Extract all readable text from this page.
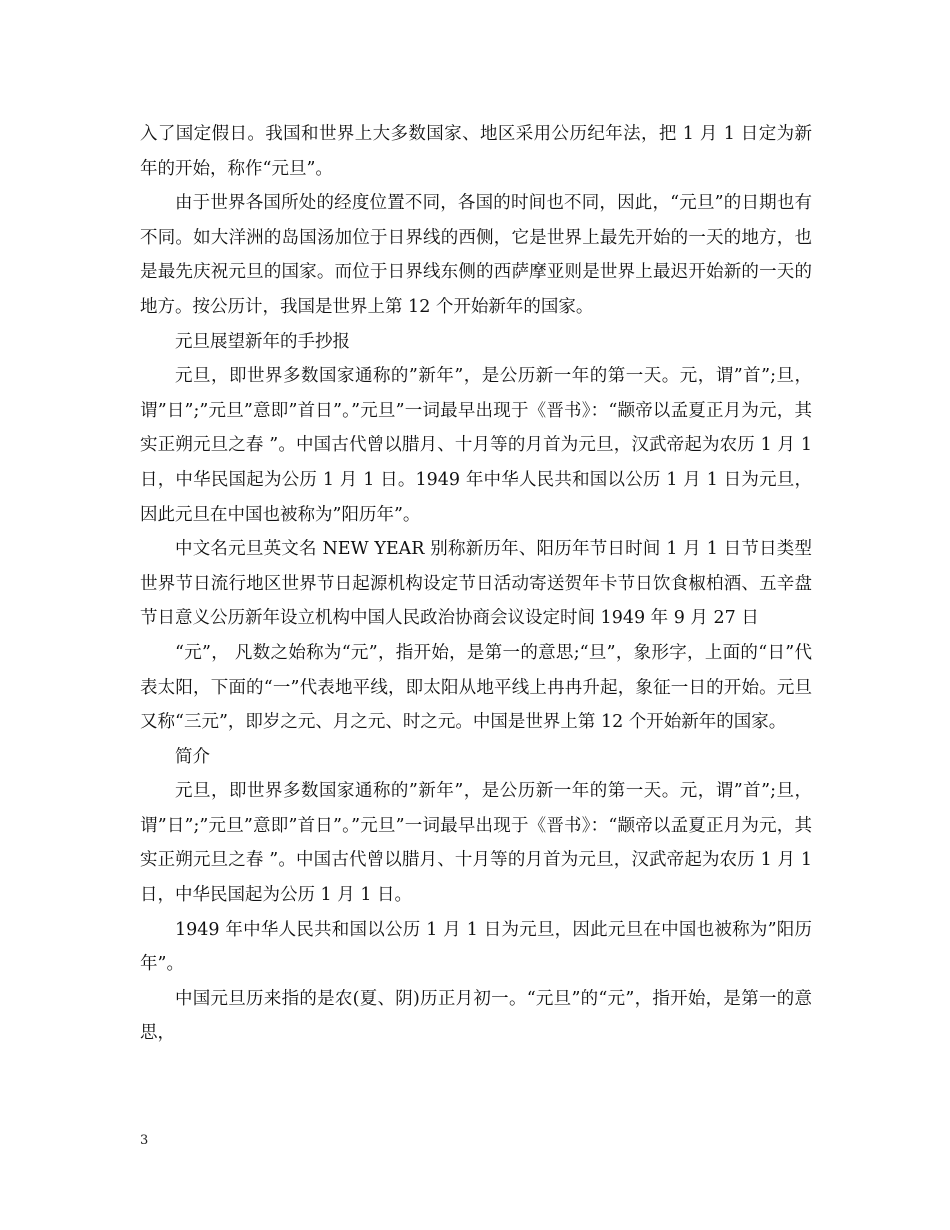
入了国定假日。我国和世界上大多数国家、地区采用公历纪年法，把 1 月 1 日定为新年的开始，称作“元旦”。

由于世界各国所处的经度位置不同，各国的时间也不同，因此，“元旦”的日期也有不同。如大洋洲的岛国汤加位于日界线的西侧，它是世界上最先开始的一天的地方，也是最先庆祝元旦的国家。而位于日界线东侧的西萨摩亚则是世界上最迟开始新的一天的地方。按公历计，我国是世界上第 12 个开始新年的国家。

元旦展望新年的手抄报

元旦，即世界多数国家通称的”新年”，是公历新一年的第一天。元，谓”首”;旦，谓”日”;”元旦”意即”首日”。”元旦”一词最早出现于《晋书》：“颛帝以孟夏正月为元，其实正朔元旦之春 ”。中国古代曾以腊月、十月等的月首为元旦，汉武帝起为农历 1 月 1 日，中华民国起为公历 1 月 1 日。1949 年中华人民共和国以公历 1 月 1 日为元旦，因此元旦在中国也被称为”阳历年”。

中文名元旦英文名 NEW YEAR 别称新历年、阳历年节日时间 1 月 1 日节日类型世界节日流行地区世界节日起源机构设定节日活动寄送贺年卡节日饮食椒柏酒、五辛盘节日意义公历新年设立机构中国人民政治协商会议设定时间 1949 年 9 月 27 日

“元”， 凡数之始称为“元”，指开始，是第一的意思;“旦”，象形字，上面的“日”代表太阳，下面的“一”代表地平线，即太阳从地平线上冉冉升起，象征一日的开始。元旦又称“三元”，即岁之元、月之元、时之元。中国是世界上第 12 个开始新年的国家。

简介

元旦，即世界多数国家通称的”新年”，是公历新一年的第一天。元，谓”首”;旦，谓”日”;”元旦”意即”首日”。”元旦”一词最早出现于《晋书》：“颛帝以孟夏正月为元，其实正朔元旦之春 ”。中国古代曾以腊月、十月等的月首为元旦，汉武帝起为农历 1 月 1 日，中华民国起为公历 1 月 1 日。

1949 年中华人民共和国以公历 1 月 1 日为元旦，因此元旦在中国也被称为”阳历年”。

中国元旦历来指的是农(夏、阴)历正月初一。“元旦”的“元”，指开始，是第一的意思，

3
